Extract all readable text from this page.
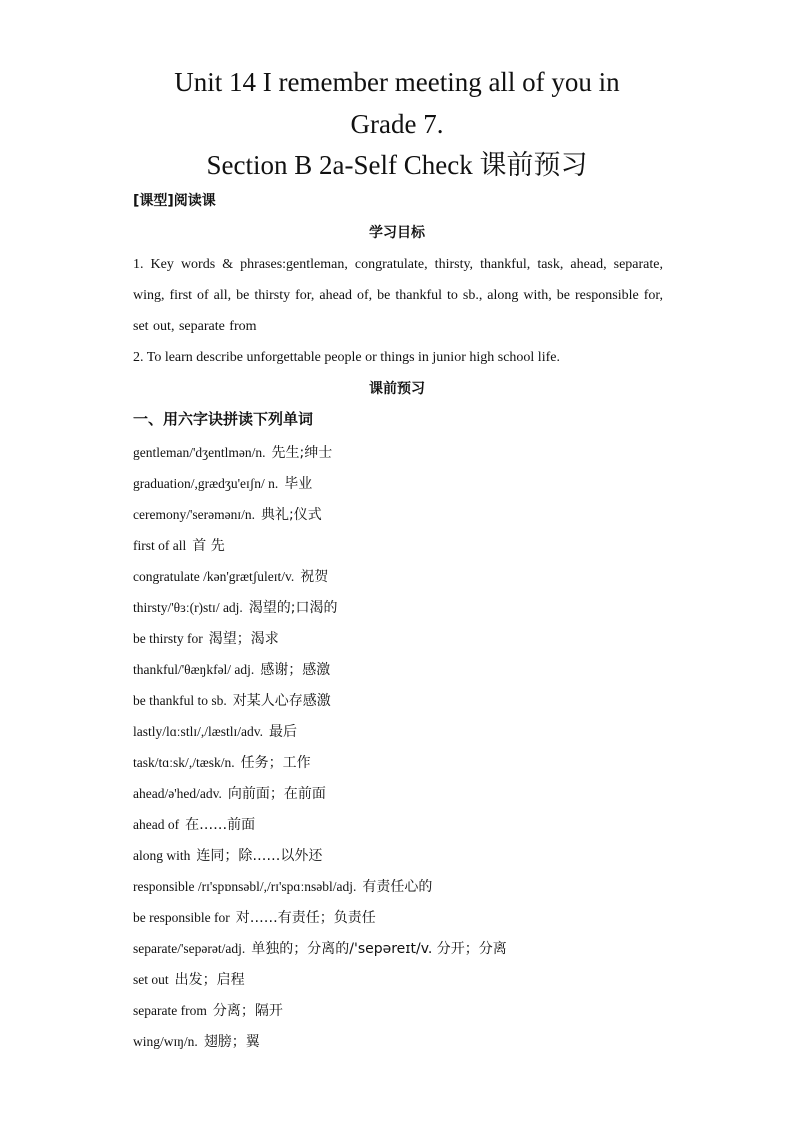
Unit 14 I remember meeting all of you in
Grade 7.
Section B 2a-Self Check 课前预习
[课型]阅读课
学习目标
1. Key words & phrases:gentleman, congratulate, thirsty, thankful, task, ahead, separate, wing, first of all, be thirsty for, ahead of, be thankful to sb., along with, be responsible for, set out, separate from
2. To learn describe unforgettable people or things in junior high school life.
课前预习
一、用六字诀拼读下列单词
gentleman/'dʒentlmən/n. 先生;绅士
graduation/,grædʒu'eɪʃn/ n. 毕业
ceremony/'serəmənɪ/n. 典礼;仪式
first of all 首 先
congratulate /kən'grætʃuleɪt/v. 祝贺
thirsty/'θɜː(r)stɪ/ adj. 渴望的;口渴的
be thirsty for 渴望；渴求
thankful/'θæŋkfəl/ adj. 感谢；感激
be thankful to sb. 对某人心存感激
lastly/lɑːstlɪ/,/læstlɪ/adv. 最后
task/tɑːsk/,/tæsk/n. 任务；工作
ahead/ə'hed/adv. 向前面；在前面
ahead of 在……前面
along with 连同；除……以外还
responsible /rɪ'spɒnsəbl/,/rɪ'spɑːnsəbl/adj. 有责任心的
be responsible for 对……有责任；负责任
separate/'sepərət/adj. 单独的；分离的/'sepəreɪt/v. 分开；分离
set out 出发；启程
separate from 分离；隔开
wing/wɪŋ/n. 翅膀；翼
